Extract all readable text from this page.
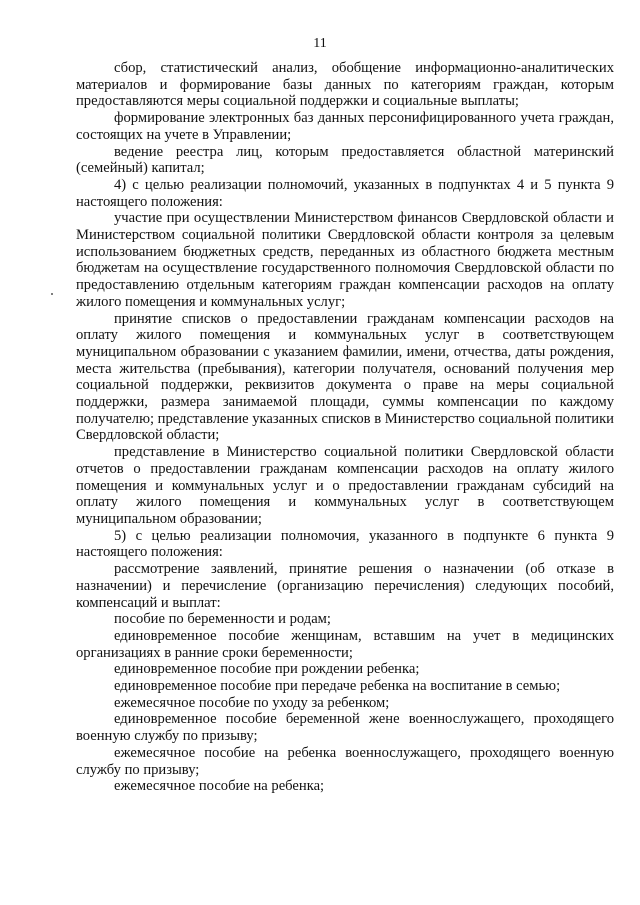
11

сбор, статистический анализ, обобщение информационно-аналитических материалов и формирование базы данных по категориям граждан, которым предоставляются меры социальной поддержки и социальные выплаты;

формирование электронных баз данных персонифицированного учета граждан, состоящих на учете в Управлении;

ведение реестра лиц, которым предоставляется областной материнский (семейный) капитал;

4) с целью реализации полномочий, указанных в подпунктах 4 и 5 пункта 9 настоящего положения:

участие при осуществлении Министерством финансов Свердловской области и Министерством социальной политики Свердловской области контроля за целевым использованием бюджетных средств, переданных из областного бюджета местным бюджетам на осуществление государственного полномочия Свердловской области по предоставлению отдельным категориям граждан компенсации расходов на оплату жилого помещения и коммунальных услуг;

принятие списков о предоставлении гражданам компенсации расходов на оплату жилого помещения и коммунальных услуг в соответствующем муниципальном образовании с указанием фамилии, имени, отчества, даты рождения, места жительства (пребывания), категории получателя, оснований получения мер социальной поддержки, реквизитов документа о праве на меры социальной поддержки, размера занимаемой площади, суммы компенсации по каждому получателю; представление указанных списков в Министерство социальной политики Свердловской области;

представление в Министерство социальной политики Свердловской области отчетов о предоставлении гражданам компенсации расходов на оплату жилого помещения и коммунальных услуг и о предоставлении гражданам субсидий на оплату жилого помещения и коммунальных услуг в соответствующем муниципальном образовании;

5) с целью реализации полномочия, указанного в подпункте 6 пункта 9 настоящего положения:

рассмотрение заявлений, принятие решения о назначении (об отказе в назначении) и перечисление (организацию перечисления) следующих пособий, компенсаций и выплат:

пособие по беременности и родам;

единовременное пособие женщинам, вставшим на учет в медицинских организациях в ранние сроки беременности;

единовременное пособие при рождении ребенка;

единовременное пособие при передаче ребенка на воспитание в семью;

ежемесячное пособие по уходу за ребенком;

единовременное пособие беременной жене военнослужащего, проходящего военную службу по призыву;

ежемесячное пособие на ребенка военнослужащего, проходящего военную службу по призыву;

ежемесячное пособие на ребенка;
